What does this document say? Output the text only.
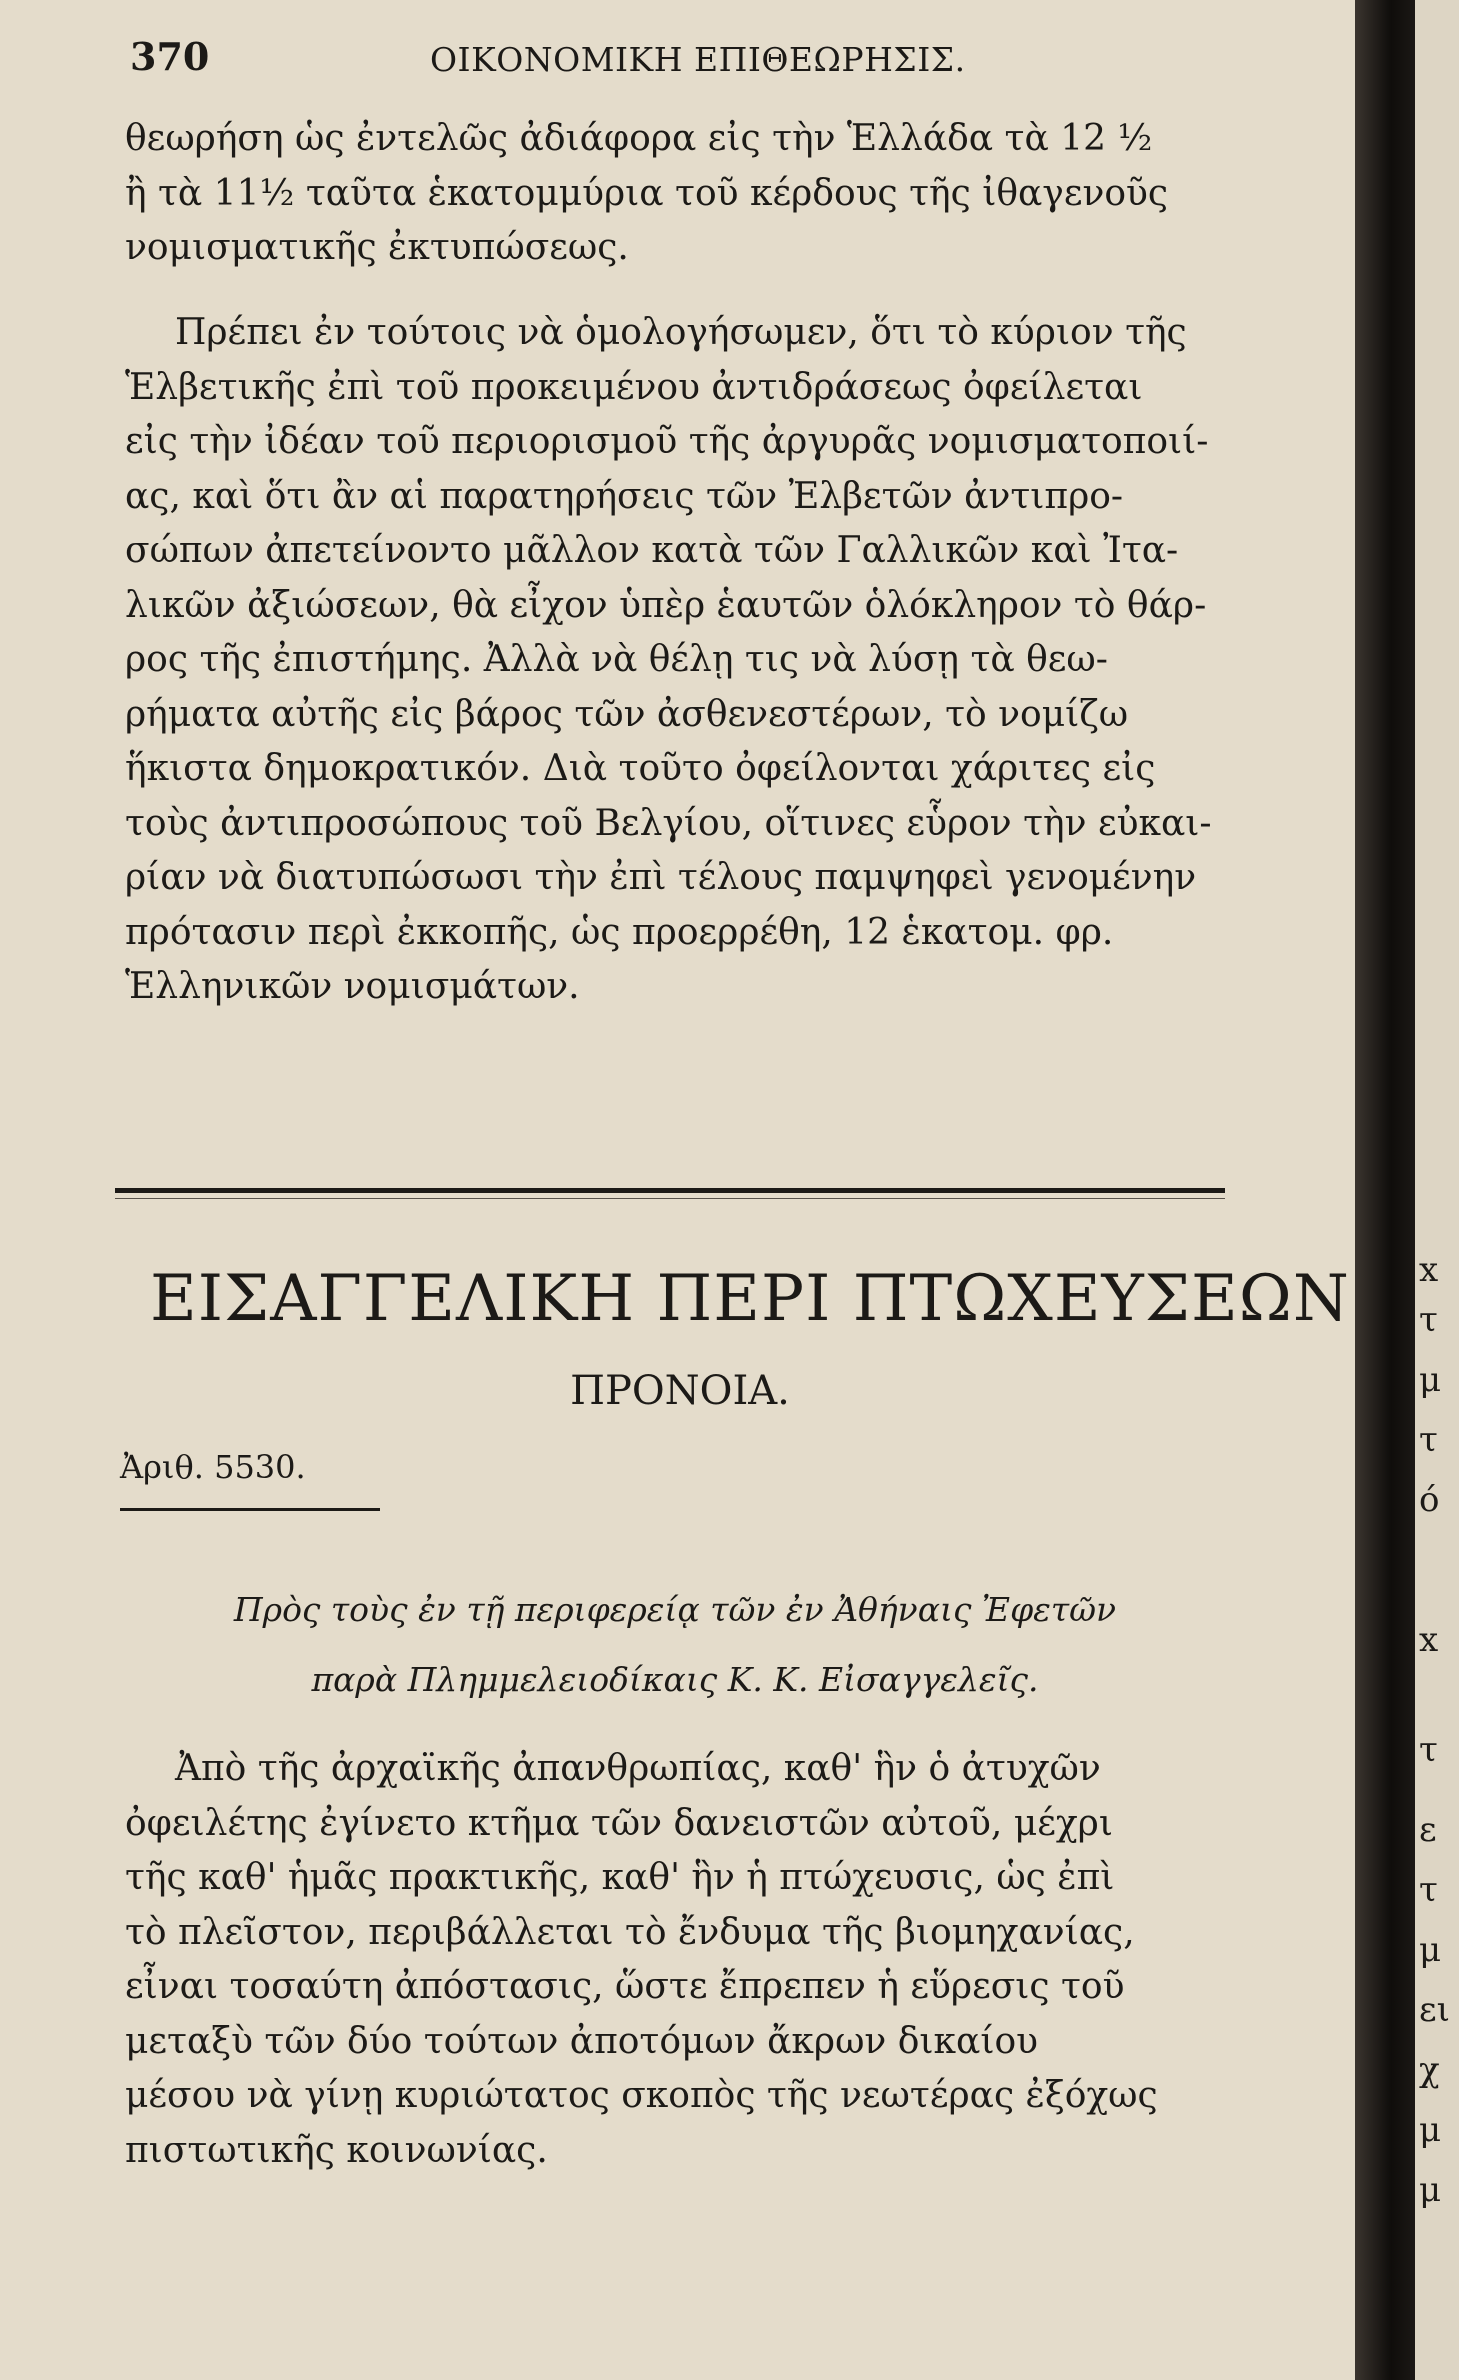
370	ΟΙΚΟΝΟΜΙΚΗ ΕΠΙΘΕΩΡΗΣΙΣ.

θεωρήση ὡς ἐντελῶς ἀδιάφορα εἰς τὴν Ἑλλάδα τὰ 12 ½

ἢ τὰ 11½ ταῦτα ἑκατομμύρια τοῦ κέρδους τῆς ἰθαγενοῦς

νομισματικῆς ἐκτυπώσεως.

Πρέπει ἐν τούτοις νὰ ὁμολογήσωμεν, ὅτι τὸ κύριον τῆς

Ἑλβετικῆς ἐπὶ τοῦ προκειμένου ἀντιδράσεως ὀφείλεται

εἰς τὴν ἰδέαν τοῦ περιορισμοῦ τῆς ἀργυρᾶς νομισματοποιί-

ας, καὶ ὅτι ἂν αἱ παρατηρήσεις τῶν Ἐλβετῶν ἀντιπρο-

σώπων ἀπετείνοντο μᾶλλον κατὰ τῶν Γαλλικῶν καὶ Ἰτα-

λικῶν ἀξιώσεων, θὰ εἶχον ὑπὲρ ἑαυτῶν ὁλόκληρον τὸ θάρ-

ρος τῆς ἐπιστήμης. Ἀλλὰ νὰ θέλῃ τις νὰ λύσῃ τὰ θεω-

ρήματα αὐτῆς εἰς βάρος τῶν ἀσθενεστέρων, τὸ νομίζω

ἥκιστα δημοκρατικόν. Διὰ τοῦτο ὀφείλονται χάριτες εἰς

τοὺς ἀντιπροσώπους τοῦ Βελγίου, οἵτινες εὗρον τὴν εὐκαι-

ρίαν νὰ διατυπώσωσι τὴν ἐπὶ τέλους παμψηφεὶ γενομένην

πρότασιν περὶ ἐκκοπῆς, ὡς προερρέθη, 12 ἑκατομ. φρ.

Ἑλληνικῶν νομισμάτων.

ΕΙΣΑΓΓΕΛΙΚΗ ΠΕΡΙ ΠΤΩΧΕΥΣΕΩΝ
ΠΡΟΝΟΙΑ.
Ἀριθ. 5530.
Πρὸς τοὺς ἐν τῇ περιφερείᾳ τῶν ἐν Ἀθήναις Ἐφετῶν
παρὰ Πλημμελειοδίκαις Κ. Κ. Εἰσαγγελεῖς.

Ἀπὸ τῆς ἀρχαϊκῆς ἀπανθρωπίας, καθ' ἣν ὁ ἀτυχῶν

ὀφειλέτης ἐγίνετο κτῆμα τῶν δανειστῶν αὐτοῦ, μέχρι

τῆς καθ' ἡμᾶς πρακτικῆς, καθ' ἣν ἡ πτώχευσις, ὡς ἐπὶ

τὸ πλεῖστον, περιβάλλεται τὸ ἔνδυμα τῆς βιομηχανίας,

εἶναι τοσαύτη ἀπόστασις, ὥστε ἔπρεπεν ἡ εὕρεσις τοῦ

μεταξὺ τῶν δύο τούτων ἀποτόμων ἄκρων δικαίου

μέσου νὰ γίνῃ κυριώτατος σκοπὸς τῆς νεωτέρας ἐξόχως

πιστωτικῆς κοινωνίας.

x
τ
μ
τ
ό
x
τ
ε
τ
μ
ει
χ
μ
μ
